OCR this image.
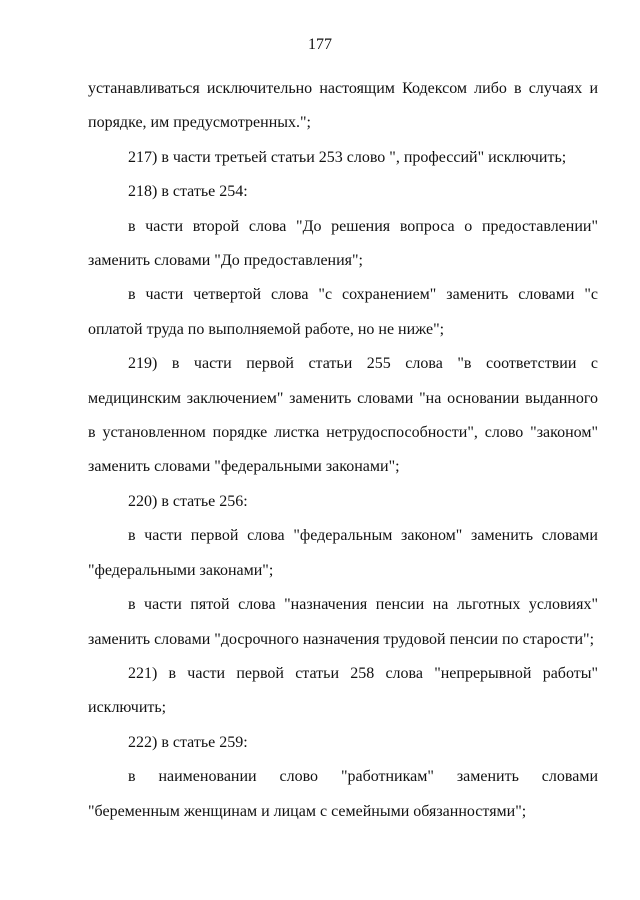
177

устанавливаться исключительно настоящим Кодексом либо в случаях и порядке, им предусмотренных.";

217) в части третьей статьи 253 слово ", профессий" исключить;

218) в статье 254:

в части второй слова "До решения вопроса о предоставлении" заменить словами "До предоставления";

в части четвертой слова "с сохранением" заменить словами "с оплатой труда по выполняемой работе, но не ниже";

219) в части первой статьи 255 слова "в соответствии с медицинским заключением" заменить словами "на основании выданного в установленном порядке листка нетрудоспособности", слово "законом" заменить словами "федеральными законами";

220) в статье 256:

в части первой слова "федеральным законом" заменить словами "федеральными законами";

в части пятой слова "назначения пенсии на льготных условиях" заменить словами "досрочного назначения трудовой пенсии по старости";

221) в части первой статьи 258 слова "непрерывной работы" исключить;

222) в статье 259:

в наименовании слово "работникам" заменить словами "беременным женщинам и лицам с семейными обязанностями";
